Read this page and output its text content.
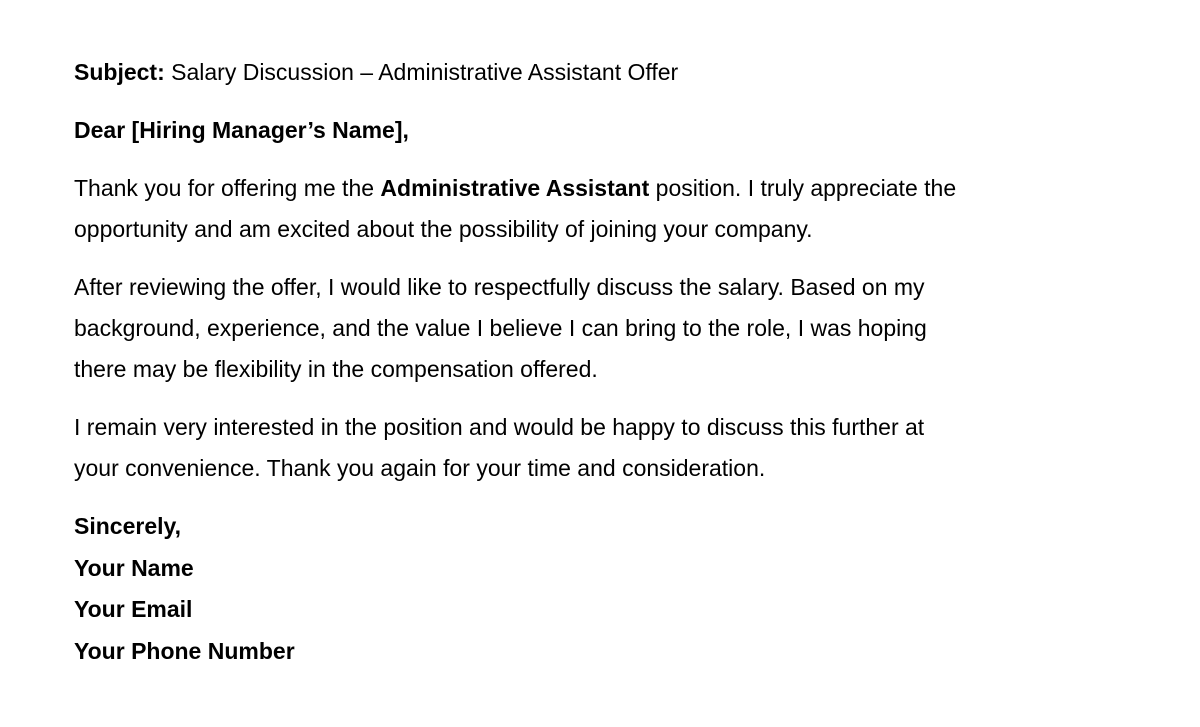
Subject: Salary Discussion – Administrative Assistant Offer

Dear [Hiring Manager’s Name],

Thank you for offering me the Administrative Assistant position. I truly appreciate the

opportunity and am excited about the possibility of joining your company.

After reviewing the offer, I would like to respectfully discuss the salary. Based on my

background, experience, and the value I believe I can bring to the role, I was hoping

there may be flexibility in the compensation offered.

I remain very interested in the position and would be happy to discuss this further at

your convenience. Thank you again for your time and consideration.

Sincerely,

Your Name

Your Email

Your Phone Number
